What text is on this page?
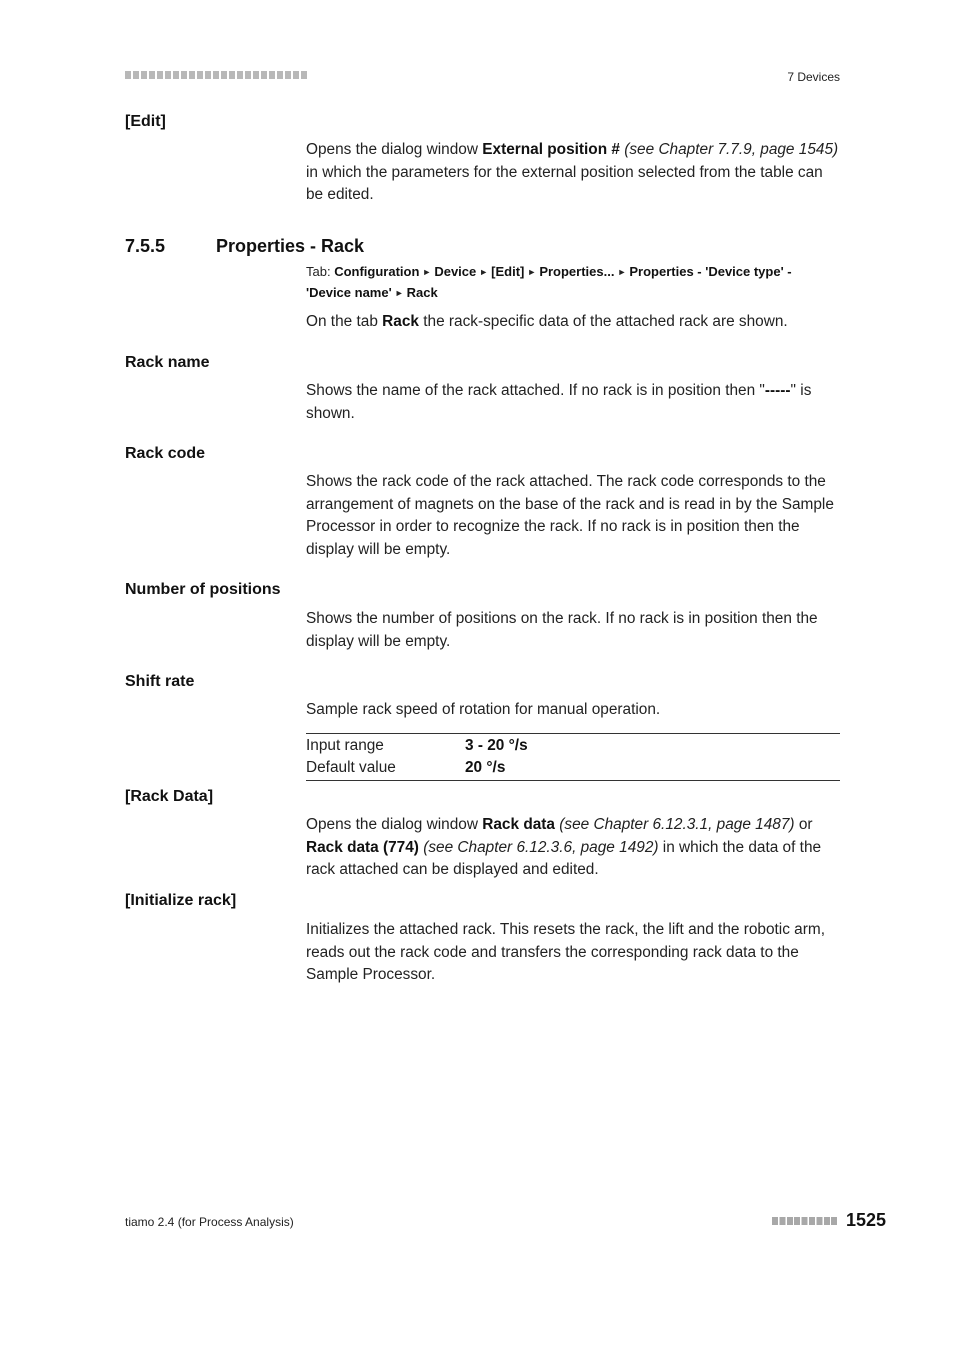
7 Devices
[Edit]
Opens the dialog window External position # (see Chapter 7.7.9, page 1545) in which the parameters for the external position selected from the table can be edited.
7.5.5	Properties - Rack
Tab: Configuration ► Device ► [Edit] ► Properties... ► Properties - 'Device type' - 'Device name' ► Rack
On the tab Rack the rack-specific data of the attached rack are shown.
Rack name
Shows the name of the rack attached. If no rack is in position then "-----" is shown.
Rack code
Shows the rack code of the rack attached. The rack code corresponds to the arrangement of magnets on the base of the rack and is read in by the Sample Processor in order to recognize the rack. If no rack is in position then the display will be empty.
Number of positions
Shows the number of positions on the rack. If no rack is in position then the display will be empty.
Shift rate
Sample rack speed of rotation for manual operation.
Input range	3 - 20 °/s
Default value	20 °/s
[Rack Data]
Opens the dialog window Rack data (see Chapter 6.12.3.1, page 1487) or Rack data (774) (see Chapter 6.12.3.6, page 1492) in which the data of the rack attached can be displayed and edited.
[Initialize rack]
Initializes the attached rack. This resets the rack, the lift and the robotic arm, reads out the rack code and transfers the corresponding rack data to the Sample Processor.
tiamo 2.4 (for Process Analysis)	1525
